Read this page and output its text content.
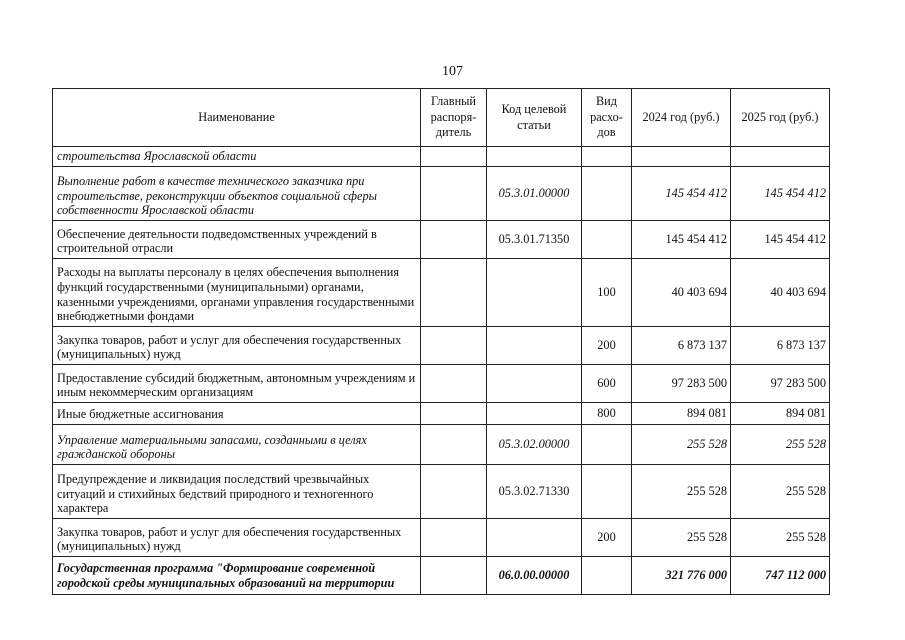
107
Наименование	Главный распоря-дитель	Код целевой статьи	Вид расхо-дов	2024 год (руб.)	2025 год (руб.)
строительства Ярославской области					
Выполнение работ в качестве технического заказчика при строительстве, реконструкции объектов социальной сферы собственности Ярославской области		05.3.01.00000		145 454 412	145 454 412
Обеспечение деятельности подведомственных учреждений в строительной отрасли		05.3.01.71350		145 454 412	145 454 412
Расходы на выплаты персоналу в целях обеспечения выполнения функций государственными (муниципальными) органами, казенными учреждениями, органами управления государственными внебюджетными фондами			100	40 403 694	40 403 694
Закупка товаров, работ и услуг для обеспечения государственных (муниципальных) нужд			200	6 873 137	6 873 137
Предоставление субсидий бюджетным, автономным учреждениям и иным некоммерческим организациям			600	97 283 500	97 283 500
Иные бюджетные ассигнования			800	894 081	894 081
Управление материальными запасами, созданными в целях гражданской обороны		05.3.02.00000		255 528	255 528
Предупреждение и ликвидация последствий чрезвычайных ситуаций и стихийных бедствий природного и техногенного характера		05.3.02.71330		255 528	255 528
Закупка товаров, работ и услуг для обеспечения государственных (муниципальных) нужд			200	255 528	255 528
Государственная программа "Формирование современной городской среды муниципальных образований на территории		06.0.00.00000		321 776 000	747 112 000
